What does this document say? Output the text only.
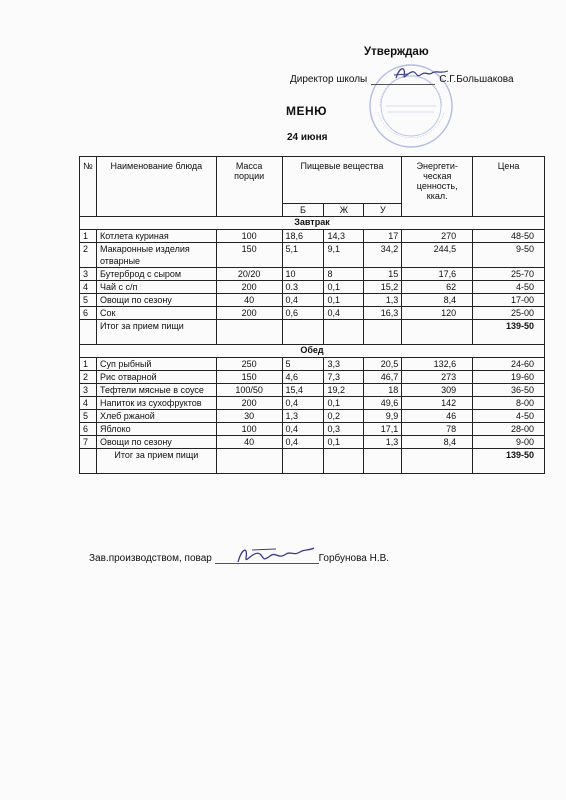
Утверждаю
Директор школы	С.Г.Большакова
МЕНЮ
24 июня
№	Наименование блюда	Масса порции	Пищевые вещества			Энергети-ческая ценность, ккал.	Цена
			Б	Ж	У		
Завтрак							
1	Котлета куриная	100	18,6	14,3	17	270	48-50
2	Макаронные изделия отварные	150	5,1	9,1	34,2	244,5	9-50
3	Бутерброд с сыром	20/20	10	8	15	17,6	25-70
4	Чай с с/п	200	0.3	0,1	15,2	62	4-50
5	Овощи по сезону	40	0,4	0,1	1,3	8,4	17-00
6	Сок	200	0,6	0,4	16,3	120	25-00
	Итог за прием пищи						139-50
Обед							
1	Суп рыбный	250	5	3,3	20,5	132,6	24-60
2	Рис отварной	150	4,6	7,3	46,7	273	19-60
3	Тефтели мясные в соусе	100/50	15,4	19,2	18	309	36-50
4	Напиток из сухофруктов	200	0,4	0,1	49,6	142	8-00
5	Хлеб ржаной	30	1,3	0,2	9,9	46	4-50
6	Яблоко	100	0,4	0,3	17,1	78	28-00
7	Овощи по сезону	40	0,4	0,1	1,3	8,4	9-00
	Итог за прием пищи						139-50
Зав.производством, повар	Горбунова Н.В.
